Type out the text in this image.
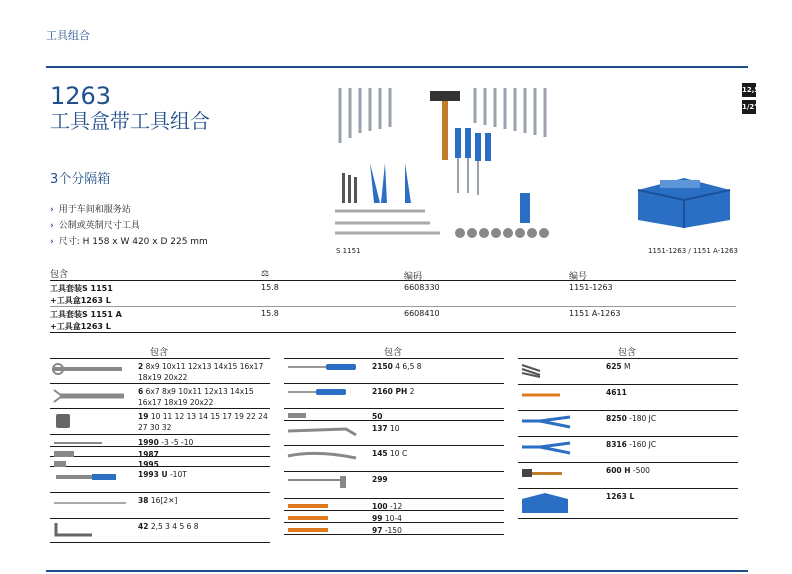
工具组合
1263
工具盒带工具组合
3个分隔箱
› 用于车间和服务站
› 公制或英制尺寸工具
› 尺寸: H 158 x W 420 x D 225 mm
12,5
1/2"
S 1151	1151-1263 / 1151 A-1263
包含	⚖	编码	编号
工具套装S 1151
+工具盒1263 L
15.8	6608330	1151-1263
工具套装S 1151 A
+工具盒1263 L
15.8	6608410	1151 A-1263
包含
2 8x9 10x11 12x13 14x15 16x17 18x19 20x22
6 6x7 8x9 10x11 12x13 14x15 16x17 18x19 20x22
19 10 11 12 13 14 15 17 19 22 24 27 30 32
1990 -3 -5 -10
1987
1995
1993 U -10T
38 16[2✕]
42 2,5 3 4 5 6 8
包含
2150 4 6,5 8
2160 PH 2
50
137 10
145 10 C
299
100 -12
99 10-4
97 -150
包含
625 M
4611
8250 -180 JC
8316 -160 JC
600 H -500
1263 L
